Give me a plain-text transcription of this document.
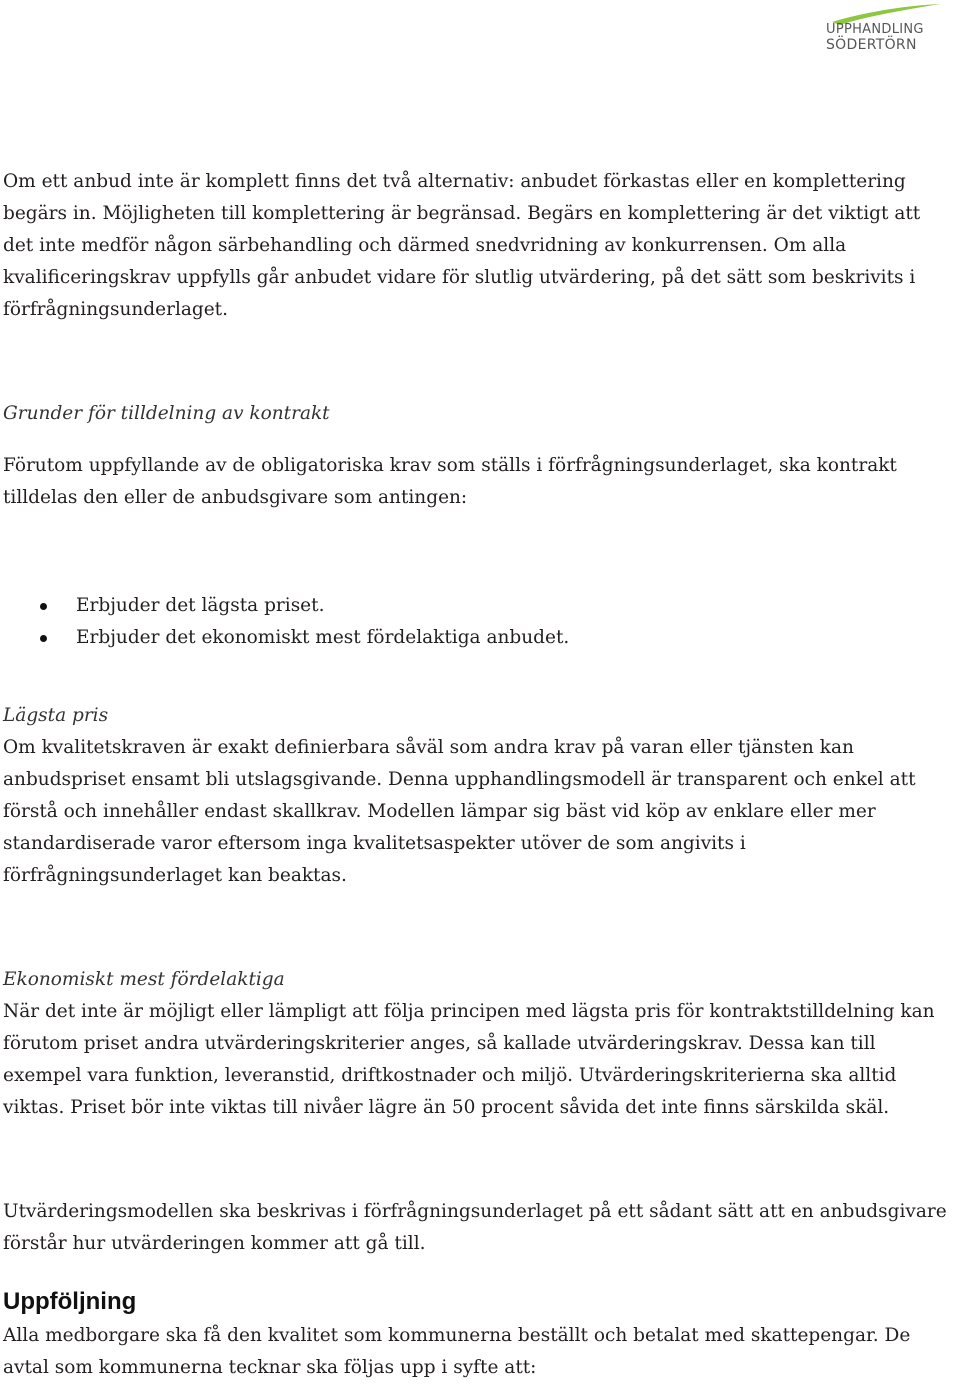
UPPHANDLING
SÖDERTÖRN

Om ett anbud inte är komplett finns det två alternativ: anbudet förkastas eller en komplettering begärs in. Möjligheten till komplettering är begränsad. Begärs en komplettering är det viktigt att det inte medför någon särbehandling och därmed snedvridning av konkurrensen. Om alla kvalificeringskrav uppfylls går anbudet vidare för slutlig utvärdering, på det sätt som beskrivits i förfrågningsunderlaget.

Grunder för tilldelning av kontrakt

Förutom uppfyllande av de obligatoriska krav som ställs i förfrågningsunderlaget, ska kontrakt tilldelas den eller de anbudsgivare som antingen:

Erbjuder det lägsta priset.
Erbjuder det ekonomiskt mest fördelaktiga anbudet.

Lägsta pris

Om kvalitetskraven är exakt definierbara såväl som andra krav på varan eller tjänsten kan anbudspriset ensamt bli utslagsgivande. Denna upphandlingsmodell är transparent och enkel att förstå och innehåller endast skallkrav. Modellen lämpar sig bäst vid köp av enklare eller mer standardiserade varor eftersom inga kvalitetsaspekter utöver de som angivits i förfrågningsunderlaget kan beaktas.

Ekonomiskt mest fördelaktiga

När det inte är möjligt eller lämpligt att följa principen med lägsta pris för kontraktstilldelning kan förutom priset andra utvärderingskriterier anges, så kallade utvärderingskrav. Dessa kan till exempel vara funktion, leveranstid, driftkostnader och miljö. Utvärderingskriterierna ska alltid viktas. Priset bör inte viktas till nivåer lägre än 50 procent såvida det inte finns särskilda skäl.

Utvärderingsmodellen ska beskrivas i förfrågningsunderlaget på ett sådant sätt att en anbudsgivare förstår hur utvärderingen kommer att gå till.

Uppföljning

Alla medborgare ska få den kvalitet som kommunerna beställt och betalat med skattepengar. De avtal som kommunerna tecknar ska följas upp i syfte att:
